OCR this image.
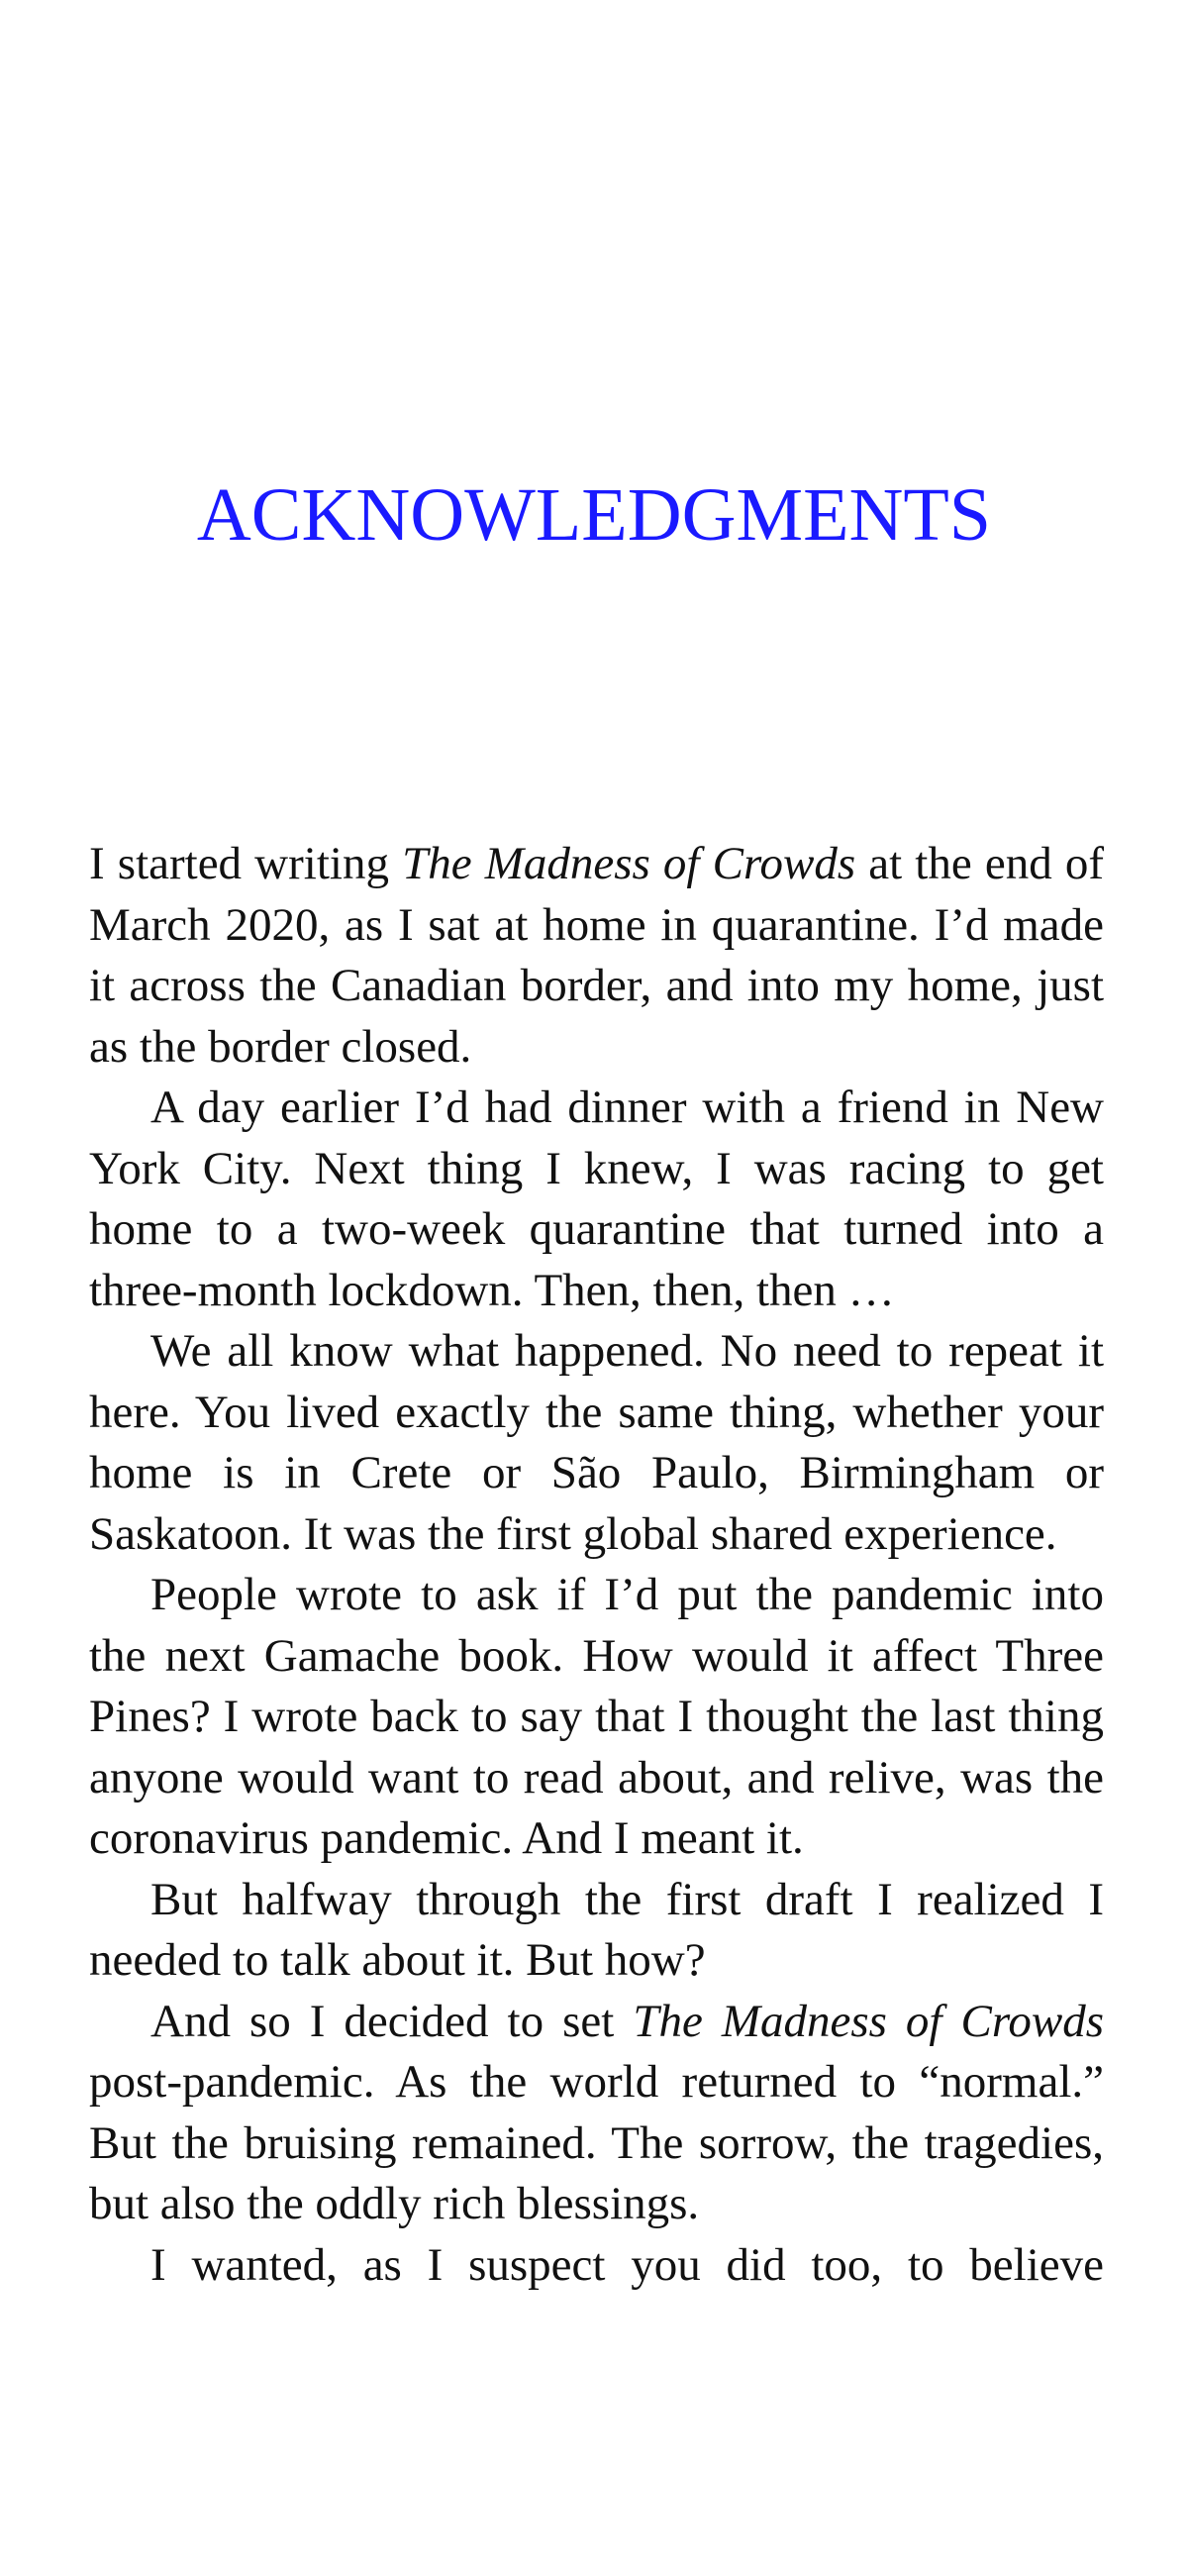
ACKNOWLEDGMENTS

I started writing The Madness of Crowds at the end of March 2020, as I sat at home in quarantine. I’d made it across the Canadian border, and into my home, just as the border closed.

A day earlier I’d had dinner with a friend in New York City. Next thing I knew, I was racing to get home to a two-week quarantine that turned into a three-month lockdown. Then, then, then …

We all know what happened. No need to repeat it here. You lived exactly the same thing, whether your home is in Crete or São Paulo, Birmingham or Saskatoon. It was the first global shared experience.

People wrote to ask if I’d put the pandemic into the next Gamache book. How would it affect Three Pines? I wrote back to say that I thought the last thing anyone would want to read about, and relive, was the coronavirus pandemic. And I meant it.

But halfway through the first draft I realized I needed to talk about it. But how?

And so I decided to set The Madness of Crowds post-pandemic. As the world returned to “normal.” But the bruising remained. The sorrow, the tragedies, but also the oddly rich blessings.

I wanted, as I suspect you did too, to believe
